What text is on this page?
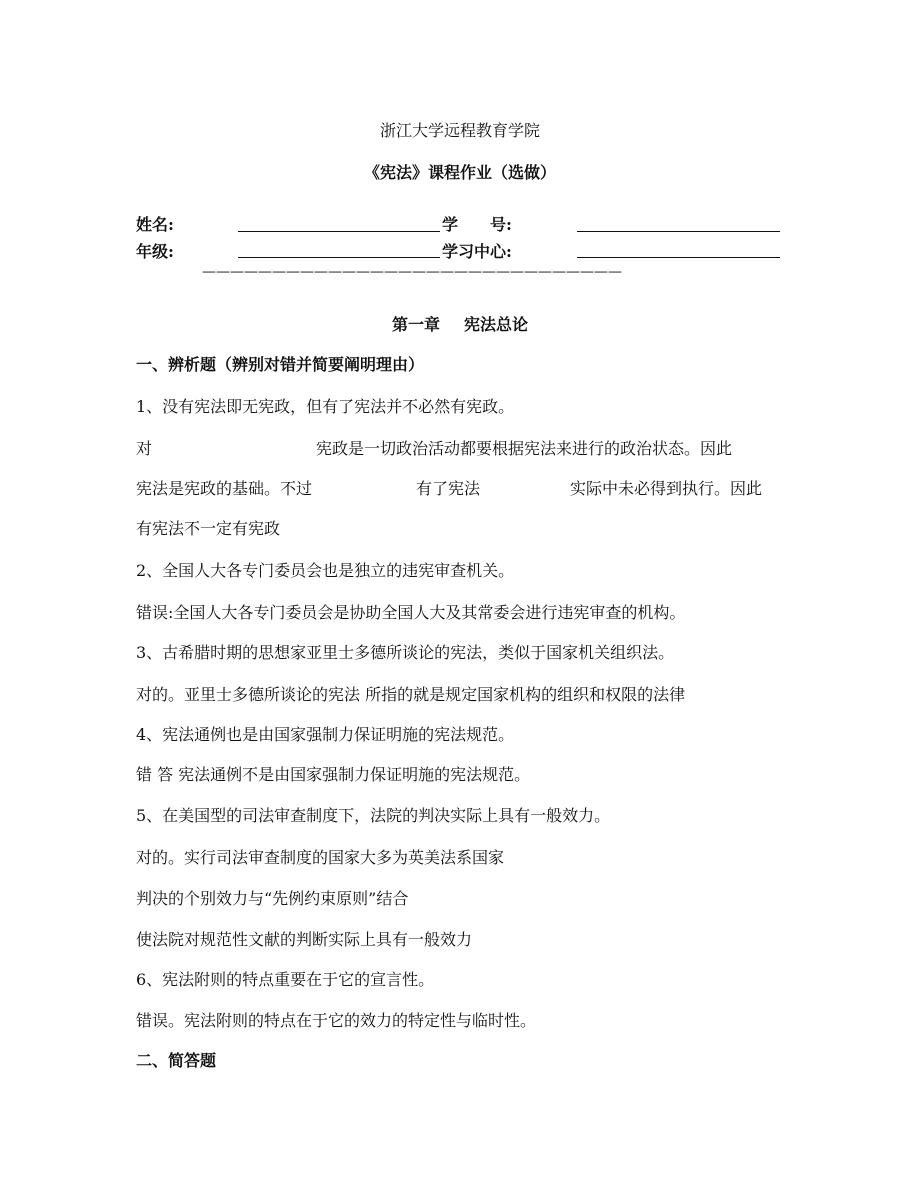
浙江大学远程教育学院
《宪法》课程作业（选做）
姓名:	学　　号:
年级:	学习中心:
——————————————————————————————
第一章 宪法总论
一、辨析题（辨别对错并简要阐明理由）
1、没有宪法即无宪政，但有了宪法并不必然有宪政。
对	宪政是一切政治活动都要根据宪法来进行的政治状态。因此
宪法是宪政的基础。不过	有了宪法	实际中未必得到执行。因此
有宪法不一定有宪政
2、全国人大各专门委员会也是独立的违宪审查机关。
错误:全国人大各专门委员会是协助全国人大及其常委会进行违宪审查的机构。
3、古希腊时期的思想家亚里士多德所谈论的宪法，类似于国家机关组织法。
对的。亚里士多德所谈论的宪法 所指的就是规定国家机构的组织和权限的法律
4、宪法通例也是由国家强制力保证明施的宪法规范。
错 答 宪法通例不是由国家强制力保证明施的宪法规范。
5、在美国型的司法审查制度下，法院的判决实际上具有一般效力。
对的。实行司法审查制度的国家大多为英美法系国家
判决的个别效力与“先例约束原则”结合
使法院对规范性文献的判断实际上具有一般效力
6、宪法附则的特点重要在于它的宣言性。
错误。宪法附则的特点在于它的效力的特定性与临时性。
二、简答题
